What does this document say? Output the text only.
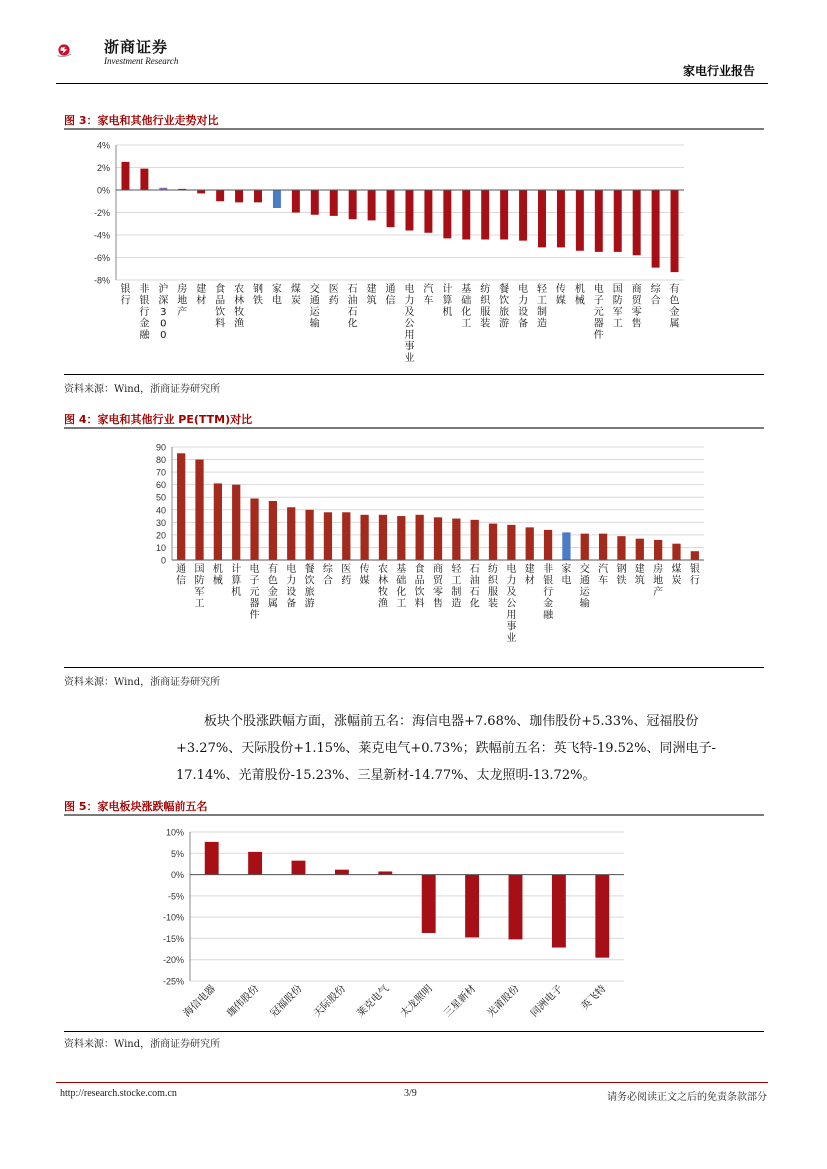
浙商证券
Investment Research
家电行业报告
图 3：家电和其他行业走势对比
4%
2%
0%
-2%
-4%
-6%
-8%
银行
非银行金融
沪深 3 0 0
房地产
建材
食品饮料
农林牧渔
钢铁
家电
煤炭
交通运输
医药
石油石化
建筑
通信
电力及公用事业
汽车
计算机
基础化工
纺织服装
餐饮旅游
电力设备
轻工制造
传媒
机械
电子元器件
国防军工
商贸零售
综合
有色金属
资料来源：Wind，浙商证券研究所
图 4：家电和其他行业 PE(TTM)对比
90
80
70
60
50
40
30
20
10
0
通信
国防军工
机械
计算机
电子元器件
有色金属
电力设备
餐饮旅游
综合
医药
传媒
农林牧渔
基础化工
食品饮料
商贸零售
轻工制造
石油石化
纺织服装
电力及公用事业
建材
非银行金融
家电
交通运输
汽车
钢铁
建筑
房地产
煤炭
银行
资料来源：Wind，浙商证券研究所
板块个股涨跌幅方面，涨幅前五名：海信电器+7.68%、珈伟股份+5.33%、冠福股份
+3.27%、天际股份+1.15%、莱克电气+0.73%；跌幅前五名：英飞特-19.52%、同洲电子-
17.14%、光莆股份-15.23%、三星新材-14.77%、太龙照明-13.72%。
图 5：家电板块涨跌幅前五名
10%
5%
0%
-5%
-10%
-15%
-20%
-25%
海信电器 珈伟股份 冠福股份 天际股份 莱克电气 太龙照明 三星新材 光莆股份 同洲电子 英飞特
资料来源：Wind，浙商证券研究所
http://research.stocke.com.cn	3/9	请务必阅读正文之后的免责条款部分
